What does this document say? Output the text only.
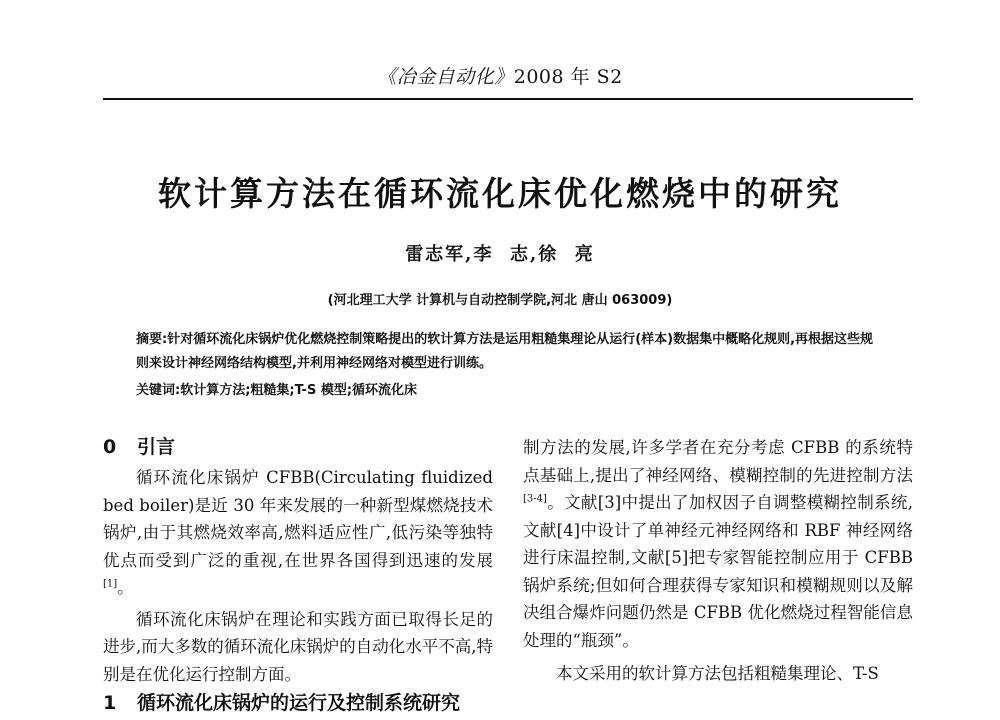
《冶金自动化》2008 年 S2
软计算方法在循环流化床优化燃烧中的研究
雷志军,李  志,徐  亮
(河北理工大学 计算机与自动控制学院,河北 唐山 063009)
摘要:针对循环流化床锅炉优化燃烧控制策略提出的软计算方法是运用粗糙集理论从运行(样本)数据集中概略化规则,再根据这些规则来设计神经网络结构模型,并利用神经网络对模型进行训练。
关键词:软计算方法;粗糙集;T-S 模型;循环流化床
0 引言

循环流化床锅炉 CFBB(Circulating fluidized bed boiler)是近 30 年来发展的一种新型煤燃烧技术锅炉,由于其燃烧效率高,燃料适应性广,低污染等独特优点而受到广泛的重视,在世界各国得到迅速的发展[1]。

循环流化床锅炉在理论和实践方面已取得长足的进步,而大多数的循环流化床锅炉的自动化水平不高,特别是在优化运行控制方面。

1 循环流化床锅炉的运行及控制系统研究

制方法的发展,许多学者在充分考虑 CFBB 的系统特点基础上,提出了神经网络、模糊控制的先进控制方法[3-4]。文献[3]中提出了加权因子自调整模糊控制系统,文献[4]中设计了单神经元神经网络和 RBF 神经网络进行床温控制,文献[5]把专家智能控制应用于 CFBB 锅炉系统;但如何合理获得专家知识和模糊规则以及解决组合爆炸问题仍然是 CFBB 优化燃烧过程智能信息处理的“瓶颈”。

本文采用的软计算方法包括粗糙集理论、T-S
